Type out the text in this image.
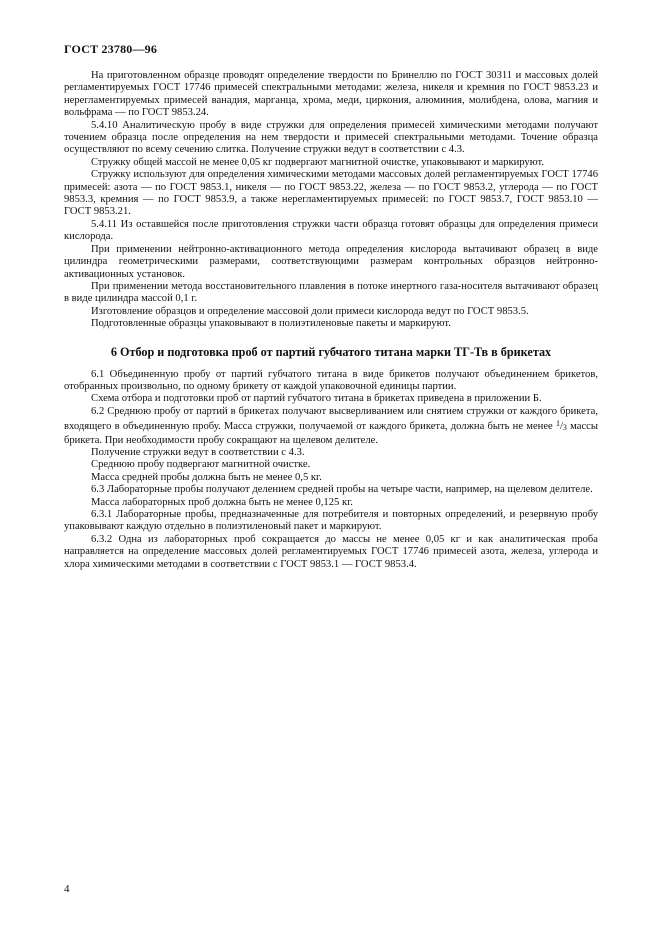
ГОСТ 23780—96

На приготовленном образце проводят определение твердости по Бринеллю по ГОСТ 30311 и массовых долей регламентируемых ГОСТ 17746 примесей спектральными методами: железа, никеля и кремния по ГОСТ 9853.23 и нерегламентируемых примесей ванадия, марганца, хрома, меди, циркония, алюминия, молибдена, олова, магния и вольфрама — по ГОСТ 9853.24.

5.4.10 Аналитическую пробу в виде стружки для определения примесей химическими методами получают точением образца после определения на нем твердости и примесей спектральными методами. Точение образца осуществляют по всему сечению слитка. Получение стружки ведут в соответствии с 4.3.

Стружку общей массой не менее 0,05 кг подвергают магнитной очистке, упаковывают и маркируют.

Стружку используют для определения химическими методами массовых долей регламентируемых ГОСТ 17746 примесей: азота — по ГОСТ 9853.1, никеля — по ГОСТ 9853.22, железа — по ГОСТ 9853.2, углерода — по ГОСТ 9853.3, кремния — по ГОСТ 9853.9, а также нерегламентируемых примесей: по ГОСТ 9853.7, ГОСТ 9853.10 — ГОСТ 9853.21.

5.4.11 Из оставшейся после приготовления стружки части образца готовят образцы для определения примеси кислорода.

При применении нейтронно-активационного метода определения кислорода вытачивают образец в виде цилиндра геометрическими размерами, соответствующими размерам контрольных образцов нейтронно-активационных установок.

При применении метода восстановительного плавления в потоке инертного газа-носителя вытачивают образец в виде цилиндра массой 0,1 г.

Изготовление образцов и определение массовой доли примеси кислорода ведут по ГОСТ 9853.5.

Подготовленные образцы упаковывают в полиэтиленовые пакеты и маркируют.

6 Отбор и подготовка проб от партий губчатого титана марки ТГ-Тв в брикетах

6.1 Объединенную пробу от партий губчатого титана в виде брикетов получают объединением брикетов, отобранных произвольно, по одному брикету от каждой упаковочной единицы партии.

Схема отбора и подготовки проб от партий губчатого титана в брикетах приведена в приложении Б.

6.2 Среднюю пробу от партий в брикетах получают высверливанием или снятием стружки от каждого брикета, входящего в объединенную пробу. Масса стружки, получаемой от каждого брикета, должна быть не менее $^1$/3 массы брикета. При необходимости пробу сокращают на щелевом делителе.

Получение стружки ведут в соответствии с 4.3.

Среднюю пробу подвергают магнитной очистке.

Масса средней пробы должна быть не менее 0,5 кг.

6.3 Лабораторные пробы получают делением средней пробы на четыре части, например, на щелевом делителе.

Масса лабораторных проб должна быть не менее 0,125 кг.

6.3.1 Лабораторные пробы, предназначенные для потребителя и повторных определений, и резервную пробу упаковывают каждую отдельно в полиэтиленовый пакет и маркируют.

6.3.2 Одна из лабораторных проб сокращается до массы не менее 0,05 кг и как аналитическая проба направляется на определение массовых долей регламентируемых ГОСТ 17746 примесей азота, железа, углерода и хлора химическими методами в соответствии с ГОСТ 9853.1 — ГОСТ 9853.4.

4
